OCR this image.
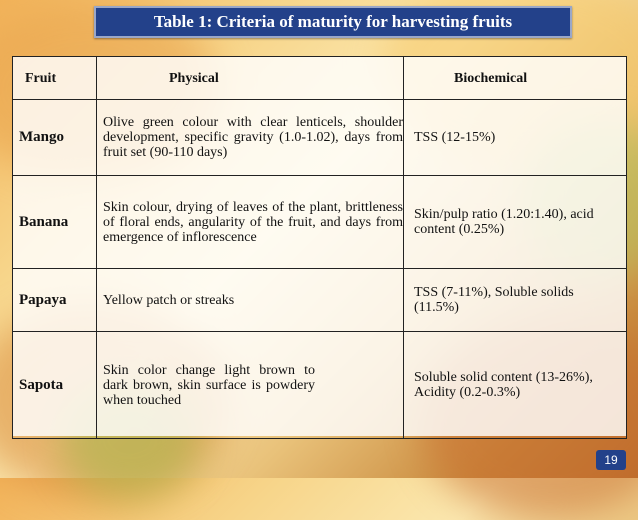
Table 1: Criteria of maturity for harvesting fruits
Fruit	Physical	Biochemical
Mango	Olive green colour with clear lenticels, shoulder development, specific gravity (1.0-1.02), days from fruit set (90-110 days)	TSS (12-15%)
Banana	Skin colour, drying of leaves of the plant, brittleness of floral ends, angularity of the fruit, and days from emergence of inflorescence	Skin/pulp ratio (1.20:1.40), acid content (0.25%)
Papaya	Yellow patch or streaks	TSS (7-11%), Soluble solids (11.5%)
Sapota	Skin color change light brown to dark brown, skin surface is powdery when touched	Soluble solid content (13-26%), Acidity (0.2-0.3%)
19
